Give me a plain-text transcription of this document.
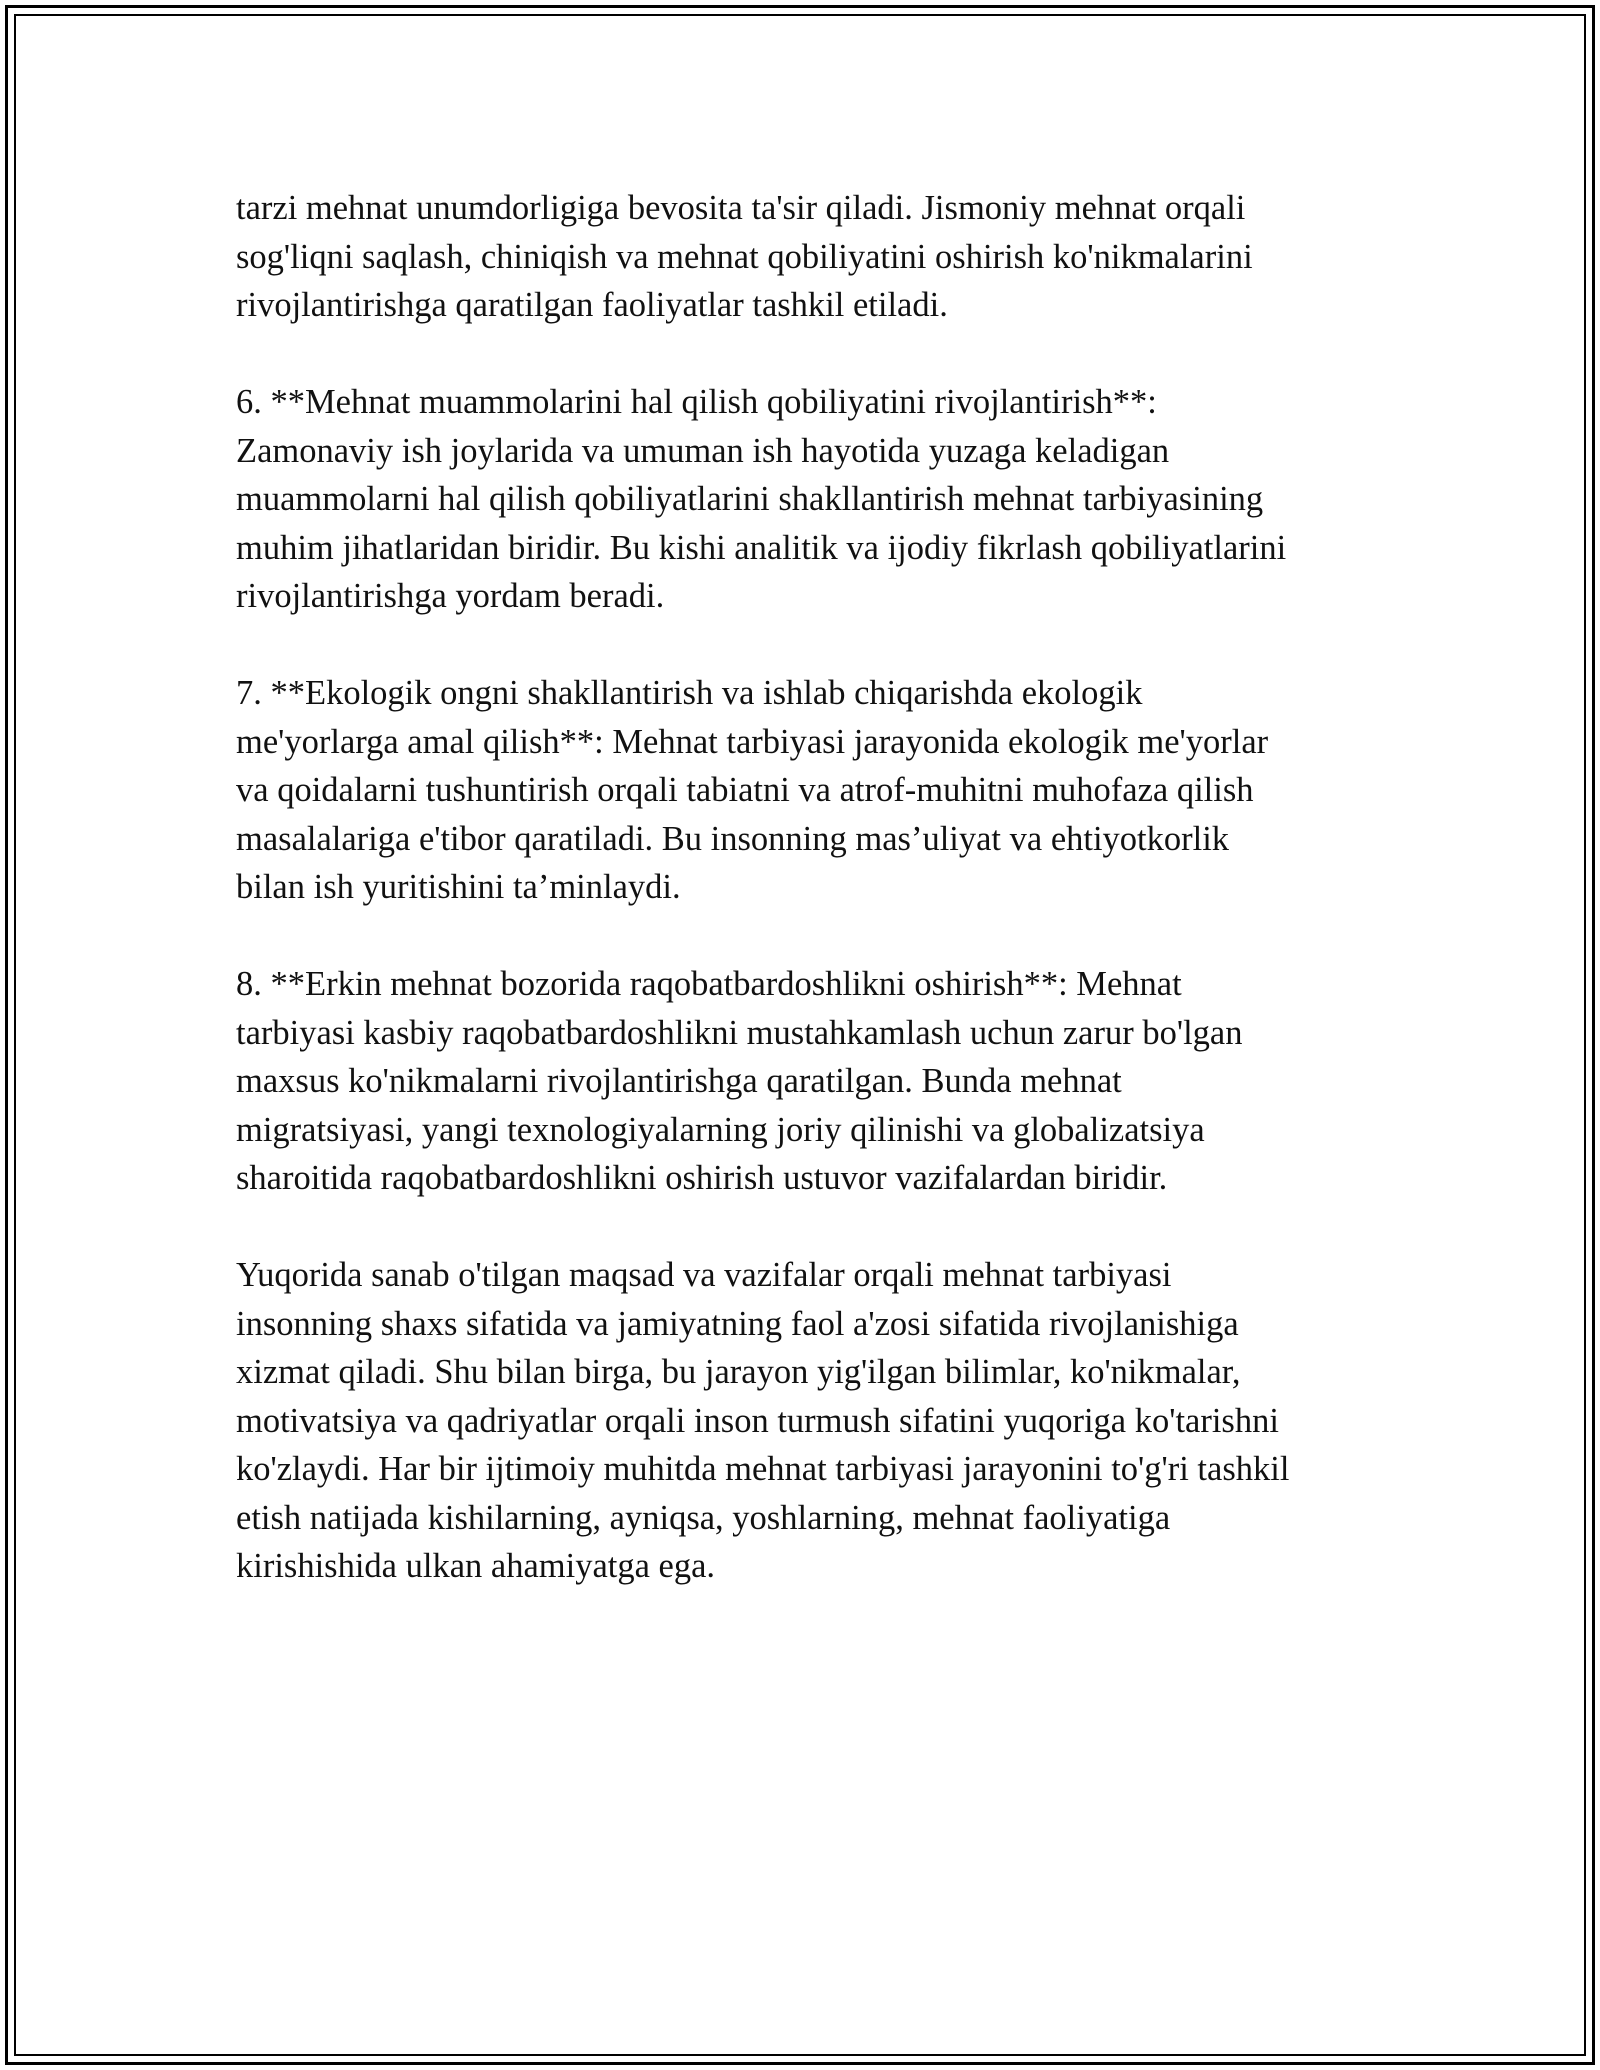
tarzi mehnat unumdorligiga bevosita ta'sir qiladi. Jismoniy mehnat orqali
sog'liqni saqlash, chiniqish va mehnat qobiliyatini oshirish ko'nikmalarini
rivojlantirishga qaratilgan faoliyatlar tashkil etiladi.

6. **Mehnat muammolarini hal qilish qobiliyatini rivojlantirish**:
Zamonaviy ish joylarida va umuman ish hayotida yuzaga keladigan
muammolarni hal qilish qobiliyatlarini shakllantirish mehnat tarbiyasining
muhim jihatlaridan biridir. Bu kishi analitik va ijodiy fikrlash qobiliyatlarini
rivojlantirishga yordam beradi.

7. **Ekologik ongni shakllantirish va ishlab chiqarishda ekologik
me'yorlarga amal qilish**: Mehnat tarbiyasi jarayonida ekologik me'yorlar
va qoidalarni tushuntirish orqali tabiatni va atrof-muhitni muhofaza qilish
masalalariga e'tibor qaratiladi. Bu insonning mas’uliyat va ehtiyotkorlik
bilan ish yuritishini ta’minlaydi.

8. **Erkin mehnat bozorida raqobatbardoshlikni oshirish**: Mehnat
tarbiyasi kasbiy raqobatbardoshlikni mustahkamlash uchun zarur bo'lgan
maxsus ko'nikmalarni rivojlantirishga qaratilgan. Bunda mehnat
migratsiyasi, yangi texnologiyalarning joriy qilinishi va globalizatsiya
sharoitida raqobatbardoshlikni oshirish ustuvor vazifalardan biridir.

Yuqorida sanab o'tilgan maqsad va vazifalar orqali mehnat tarbiyasi
insonning shaxs sifatida va jamiyatning faol a'zosi sifatida rivojlanishiga
xizmat qiladi. Shu bilan birga, bu jarayon yig'ilgan bilimlar, ko'nikmalar,
motivatsiya va qadriyatlar orqali inson turmush sifatini yuqoriga ko'tarishni
ko'zlaydi. Har bir ijtimoiy muhitda mehnat tarbiyasi jarayonini to'g'ri tashkil
etish natijada kishilarning, ayniqsa, yoshlarning, mehnat faoliyatiga
kirishishida ulkan ahamiyatga ega.
